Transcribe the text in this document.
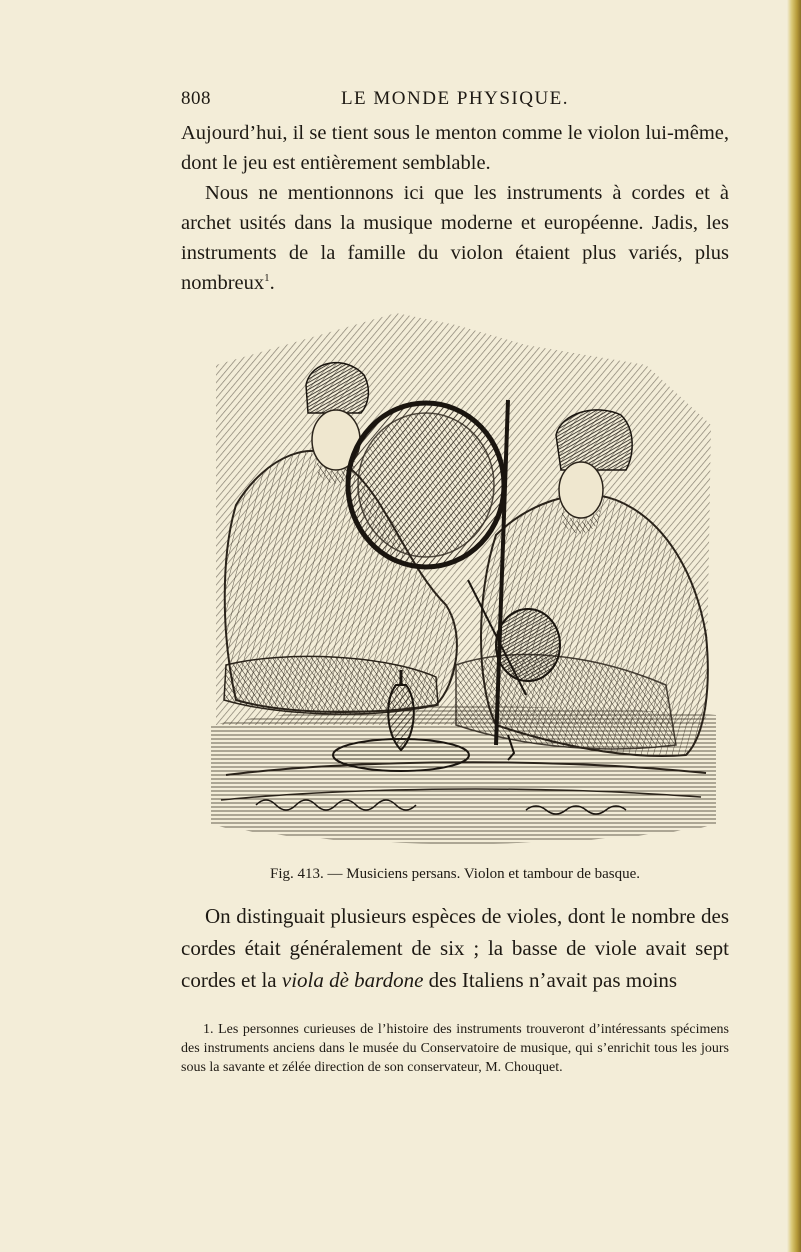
808	LE MONDE PHYSIQUE.

Aujourd’hui, il se tient sous le menton comme le violon lui-même, dont le jeu est entièrement semblable.

Nous ne mentionnons ici que les instruments à cordes et à archet usités dans la musique moderne et européenne. Jadis, les instruments de la famille du violon étaient plus variés, plus nombreux$^1$.

Fig. 413. — Musiciens persans. Violon et tambour de basque.

On distinguait plusieurs espèces de violes, dont le nombre des cordes était généralement de six ; la basse de viole avait sept cordes et la viola dè bardone des Italiens n’avait pas moins

1. Les personnes curieuses de l’histoire des instruments trouveront d’intéressants spécimens des instruments anciens dans le musée du Conservatoire de musique, qui s’enrichit tous les jours sous la savante et zélée direction de son conservateur, M. Chouquet.
